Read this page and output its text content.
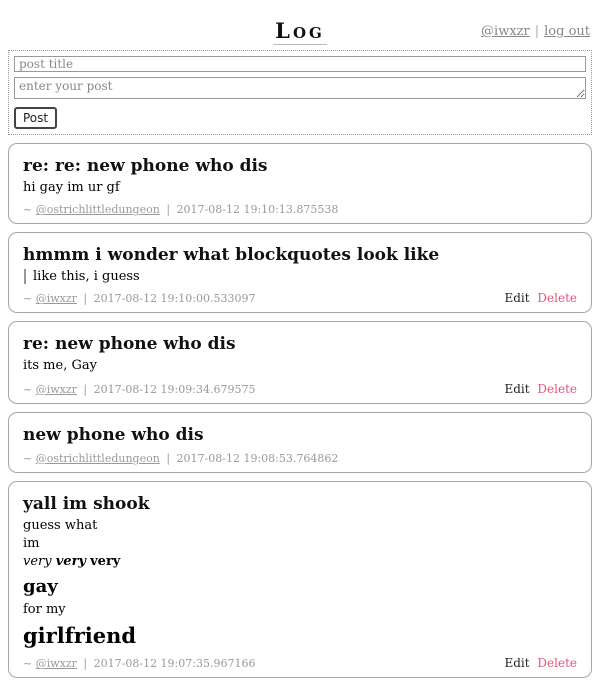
Log	@iwxzr | log out
post title
enter your post Post
re: re: new phone who dis
hi gay im ur gf
~ @ostrichlittledungeon | 2017-08-12 19:10:13.875538
hmmm i wonder what blockquotes look like
like this, i guess
~ @iwxzr | 2017-08-12 19:10:00.533097	Edit Delete
re: new phone who dis
its me, Gay
~ @iwxzr | 2017-08-12 19:09:34.679575	Edit Delete
new phone who dis
~ @ostrichlittledungeon | 2017-08-12 19:08:53.764862
yall im shook

guess what

im

very very very

gay

for my

girlfriend
~ @iwxzr | 2017-08-12 19:07:35.967166	Edit Delete
